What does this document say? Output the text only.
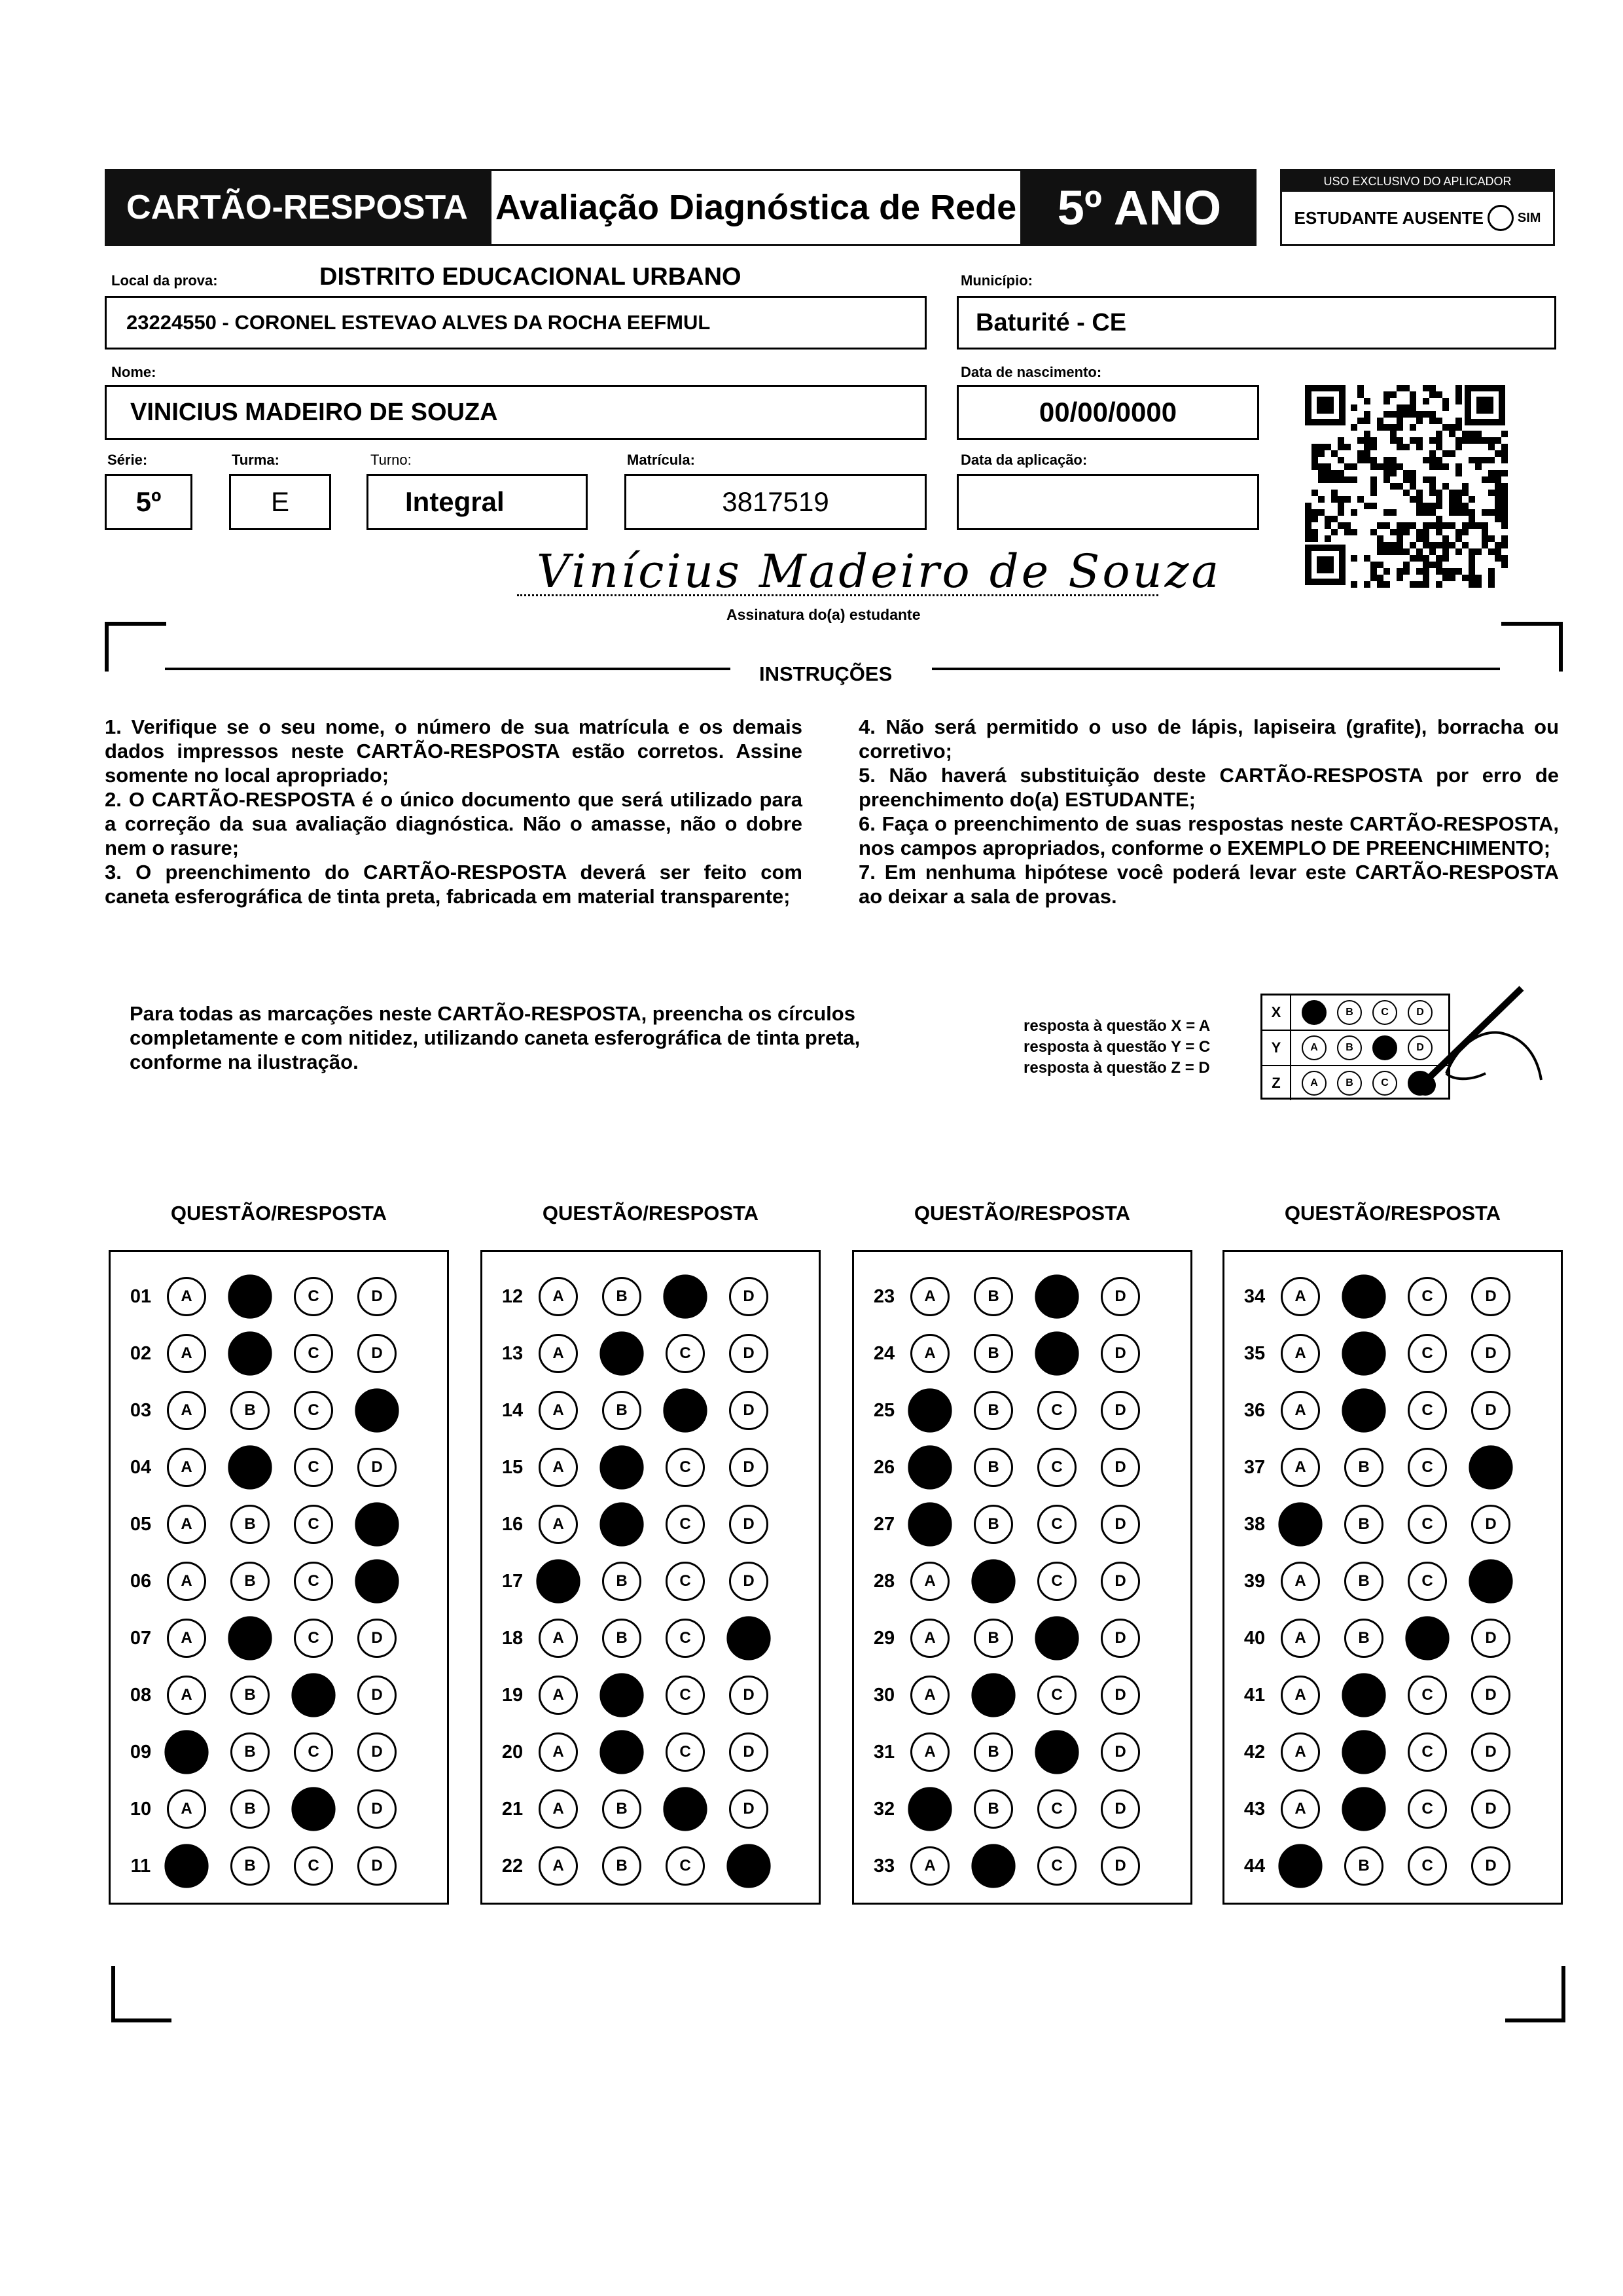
CARTÃO-RESPOSTA Avaliação Diagnóstica de Rede 5º ANO	USO EXCLUSIVO DO APLICADOR
ESTUDANTE AUSENTE	SIM
Local da prova:	DISTRITO EDUCACIONAL URBANO
23224550 - CORONEL ESTEVAO ALVES DA ROCHA EEFMUL
Município:
Baturité - CE
Nome:
VINICIUS MADEIRO DE SOUZA
Data de nascimento:
00/00/0000
Série:
5º
Turma:
E
Turno:
Integral
Matrícula:
3817519
Data da aplicação:
Vinícius Madeiro de Souza
Assinatura do(a) estudante
INSTRUÇÕES

1. Verifique se o seu nome, o número de sua matrícula e os demais dados impressos neste CARTÃO-RESPOSTA estão corretos. Assine somente no local apropriado;

2. O CARTÃO-RESPOSTA é o único documento que será utilizado para a correção da sua avaliação diagnóstica. Não o amasse, não o dobre nem o rasure;

3. O preenchimento do CARTÃO-RESPOSTA deverá ser feito com caneta esferográfica de tinta preta, fabricada em material transparente;

4. Não será permitido o uso de lápis, lapiseira (grafite), borracha ou corretivo;

5. Não haverá substituição deste CARTÃO-RESPOSTA por erro de preenchimento do(a) ESTUDANTE;

6. Faça o preenchimento de suas respostas neste CARTÃO-RESPOSTA, nos campos apropriados, conforme o EXEMPLO DE PREENCHIMENTO;

7. Em nenhuma hipótese você poderá levar este CARTÃO-RESPOSTA ao deixar a sala de provas.

Para todas as marcações neste CARTÃO-RESPOSTA, preencha os círculos completamente e com nitidez, utilizando caneta esferográfica de tinta preta, conforme na ilustração.
resposta à questão X = A
resposta à questão Y = C
resposta à questão Z = D
X	A	B	C	D
Y	A	B	C	D
Z	A	B	C
QUESTÃO/RESPOSTA
01	A	B	C	D
02	A	B	C	D
03	A	B	C	D
04	A	B	C	D
05	A	B	C	D
06	A	B	C	D
07	A	B	C	D
08	A	B	C	D
09	A	B	C	D
10	A	B	C	D
11	A	B	C	D
QUESTÃO/RESPOSTA
12	A	B	C	D
13	A	B	C	D
14	A	B	C	D
15	A	B	C	D
16	A	B	C	D
17	A	B	C	D
18	A	B	C	D
19	A	B	C	D
20	A	B	C	D
21	A	B	C	D
22	A	B	C	D
QUESTÃO/RESPOSTA
23	A	B	C	D
24	A	B	C	D
25	A	B	C	D
26	A	B	C	D
27	A	B	C	D
28	A	B	C	D
29	A	B	C	D
30	A	B	C	D
31	A	B	C	D
32	A	B	C	D
33	A	B	C	D
QUESTÃO/RESPOSTA
34	A	B	C	D
35	A	B	C	D
36	A	B	C	D
37	A	B	C	D
38	A	B	C	D
39	A	B	C	D
40	A	B	C	D
41	A	B	C	D
42	A	B	C	D
43	A	B	C	D
44	A	B	C	D
